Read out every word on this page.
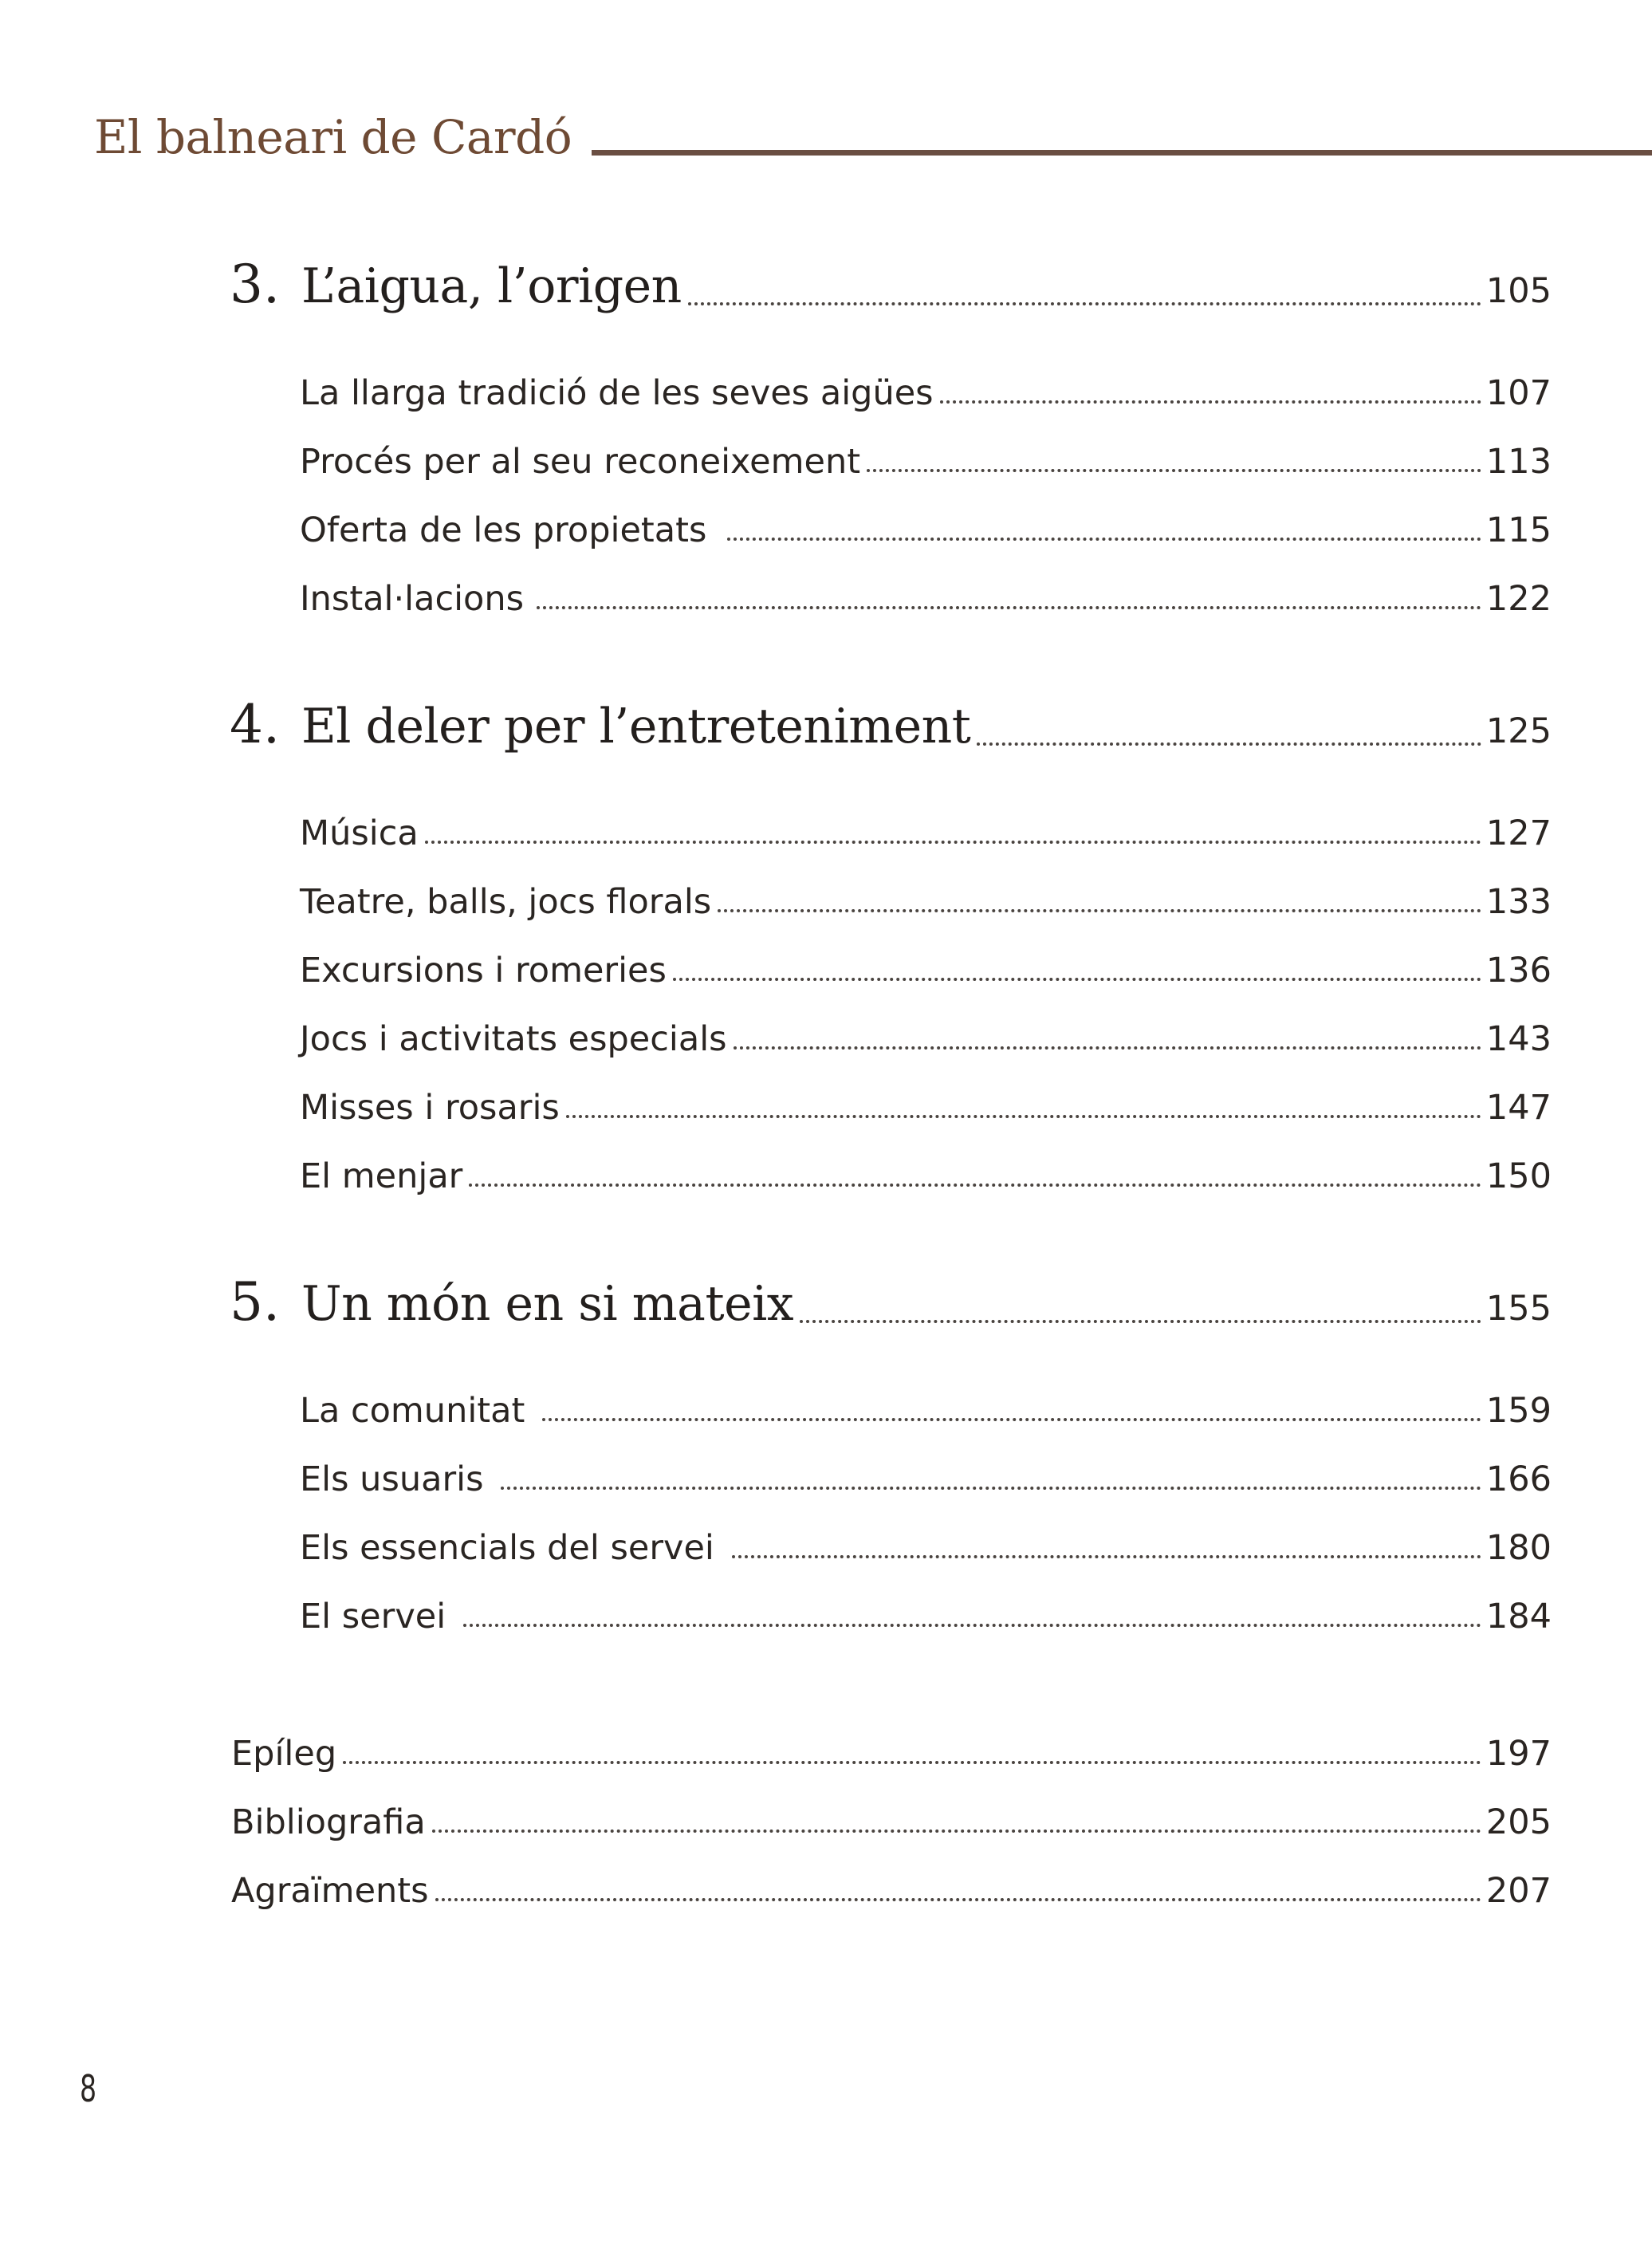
El balneari de Cardó
3. L’aigua, l’origen	105
La llarga tradició de les seves aigües	107
Procés per al seu reconeixement	113
Oferta de les propietats	115
Instal·lacions	122
4. El deler per l’entreteniment	125
Música	127
Teatre, balls, jocs florals	133
Excursions i romeries	136
Jocs i activitats especials	143
Misses i rosaris	147
El menjar	150
5. Un món en si mateix	155
La comunitat	159
Els usuaris	166
Els essencials del servei	180
El servei	184
Epíleg	197
Bibliografia	205
Agraïments	207
8
